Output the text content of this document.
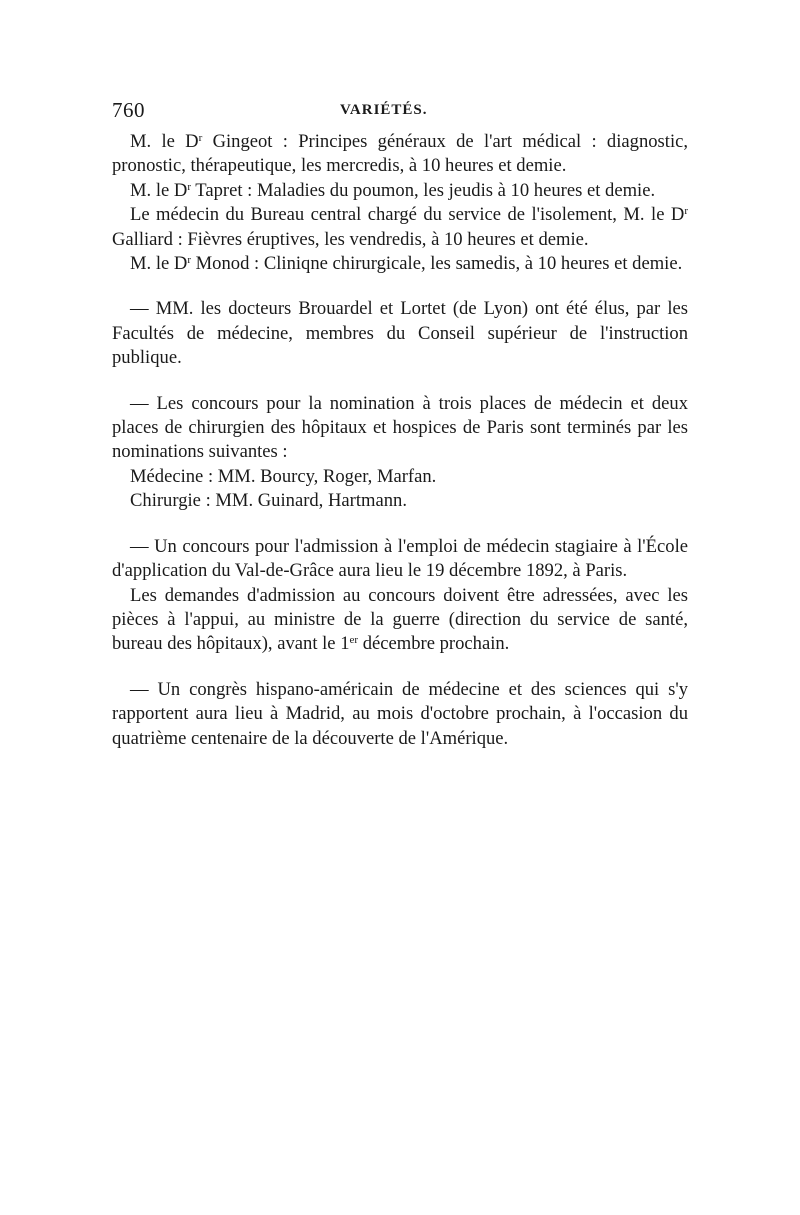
760	VARIÉTÉS.

M. le $D^r$ Gingeot : Principes généraux de l'art médical : diagnostic, pronostic, thérapeutique, les mercredis, à 10 heures et demie.

M. le $D^r$ Tapret : Maladies du poumon, les jeudis à 10 heures et demie.

Le médecin du Bureau central chargé du service de l'isolement, M. le $D^r$ Galliard : Fièvres éruptives, les vendredis, à 10 heures et demie.

M. le $D^r$ Monod : Cliniqne chirurgicale, les samedis, à 10 heures et demie.

— MM. les docteurs Brouardel et Lortet (de Lyon) ont été élus, par les Facultés de médecine, membres du Conseil supérieur de l'instruction publique.

— Les concours pour la nomination à trois places de médecin et deux places de chirurgien des hôpitaux et hospices de Paris sont terminés par les nominations suivantes :

Médecine : MM. Bourcy, Roger, Marfan.

Chirurgie : MM. Guinard, Hartmann.

— Un concours pour l'admission à l'emploi de médecin stagiaire à l'École d'application du Val-de-Grâce aura lieu le 19 décembre 1892, à Paris.

Les demandes d'admission au concours doivent être adressées, avec les pièces à l'appui, au ministre de la guerre (direction du service de santé, bureau des hôpitaux), avant le 1er décembre prochain.

— Un congrès hispano-américain de médecine et des sciences qui s'y rapportent aura lieu à Madrid, au mois d'octobre prochain, à l'occasion du quatrième centenaire de la découverte de l'Amérique.
